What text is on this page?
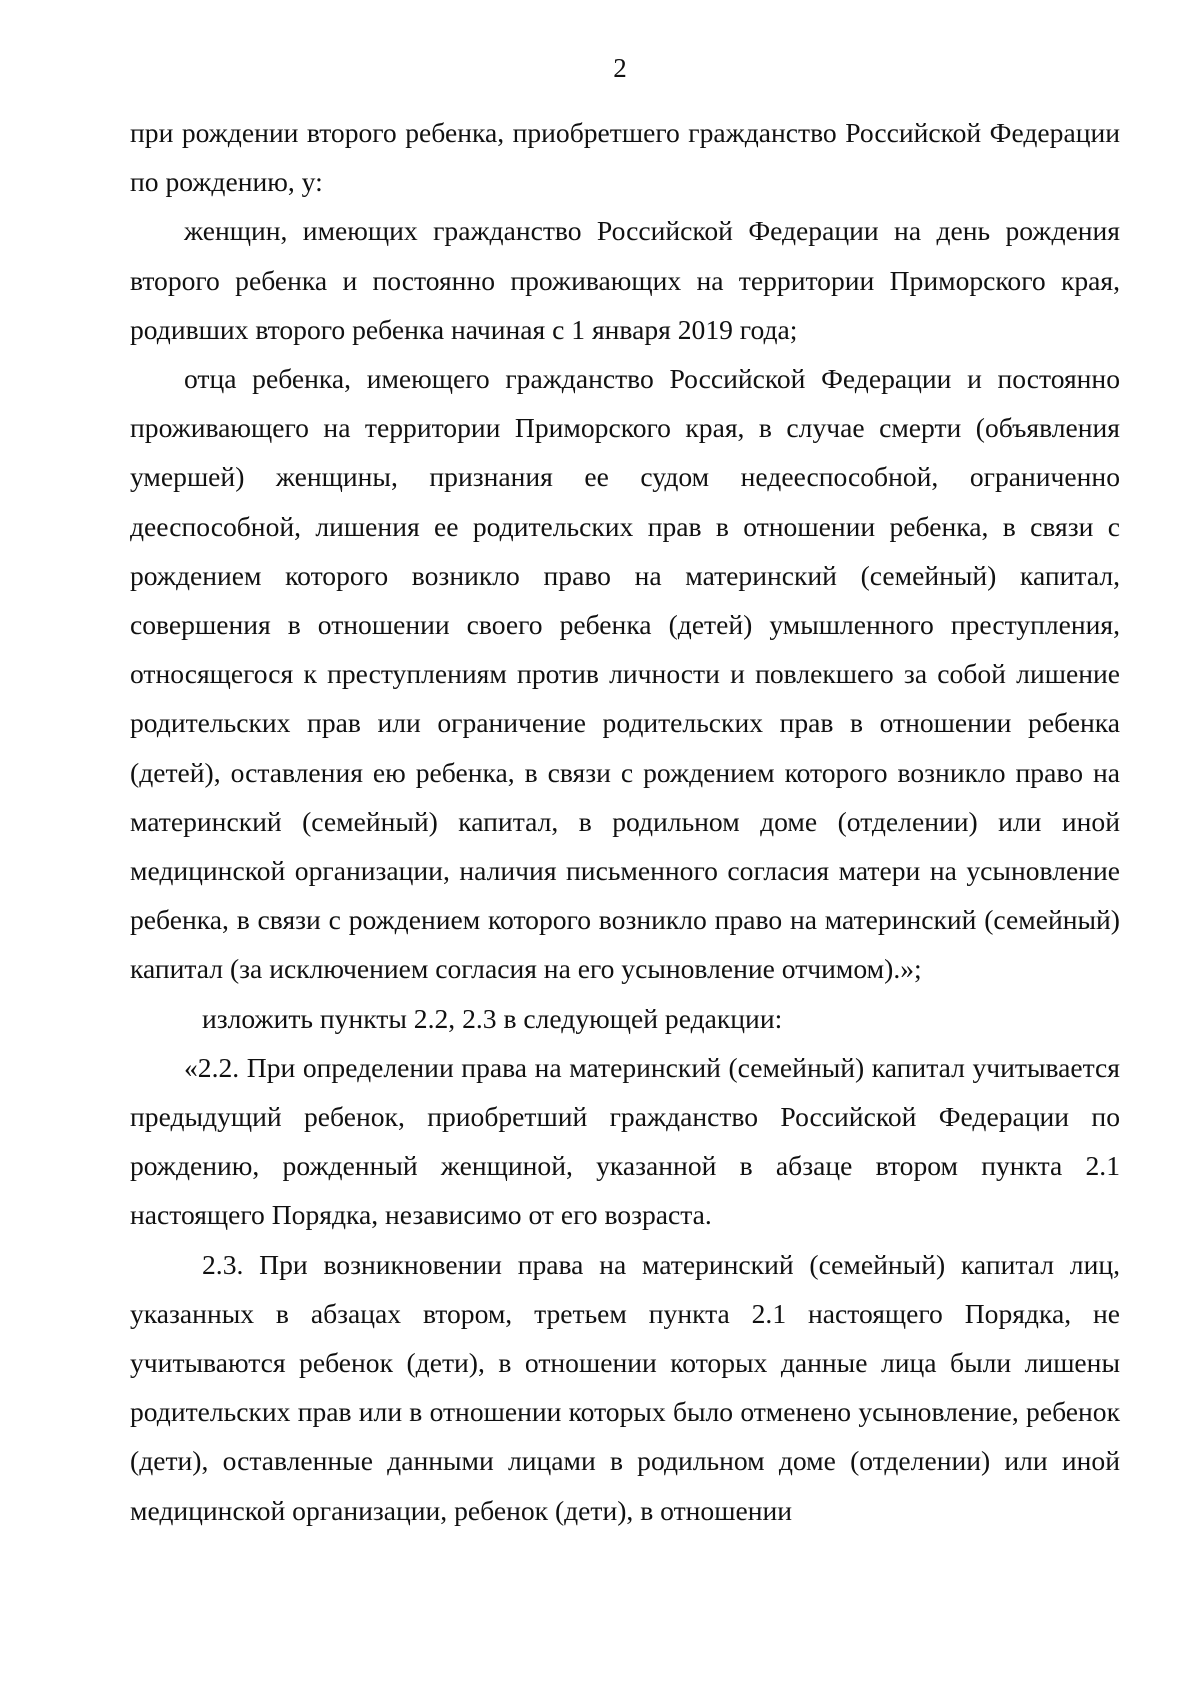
2

при рождении второго ребенка, приобретшего гражданство Российской Федерации по рождению, у:

женщин, имеющих гражданство Российской Федерации на день рождения второго ребенка и постоянно проживающих на территории Приморского края, родивших второго ребенка начиная с 1 января 2019 года;

отца ребенка, имеющего гражданство Российской Федерации и постоянно проживающего на территории Приморского края, в случае смерти (объявления умершей) женщины, признания ее судом недееспособной, ограниченно дееспособной, лишения ее родительских прав в отношении ребенка, в связи с рождением которого возникло право на материнский (семейный) капитал, совершения в отношении своего ребенка (детей) умышленного преступления, относящегося к преступлениям против личности и повлекшего за собой лишение родительских прав или ограничение родительских прав в отношении ребенка (детей), оставления ею ребенка, в связи с рождением которого возникло право на материнский (семейный) капитал, в родильном доме (отделении) или иной медицинской организации, наличия письменного согласия матери на усыновление ребенка, в связи с рождением которого возникло право на материнский (семейный) капитал (за исключением согласия на его усыновление отчимом).»;

изложить пункты 2.2, 2.3 в следующей редакции:

«2.2. При определении права на материнский (семейный) капитал учитывается предыдущий ребенок, приобретший гражданство Российской Федерации по рождению, рожденный женщиной, указанной в абзаце втором пункта 2.1 настоящего Порядка, независимо от его возраста.

2.3. При возникновении права на материнский (семейный) капитал лиц, указанных в абзацах втором, третьем пункта 2.1 настоящего Порядка, не учитываются ребенок (дети), в отношении которых данные лица были лишены родительских прав или в отношении которых было отменено усыновление, ребенок (дети), оставленные данными лицами в родильном доме (отделении) или иной медицинской организации, ребенок (дети), в отношении
